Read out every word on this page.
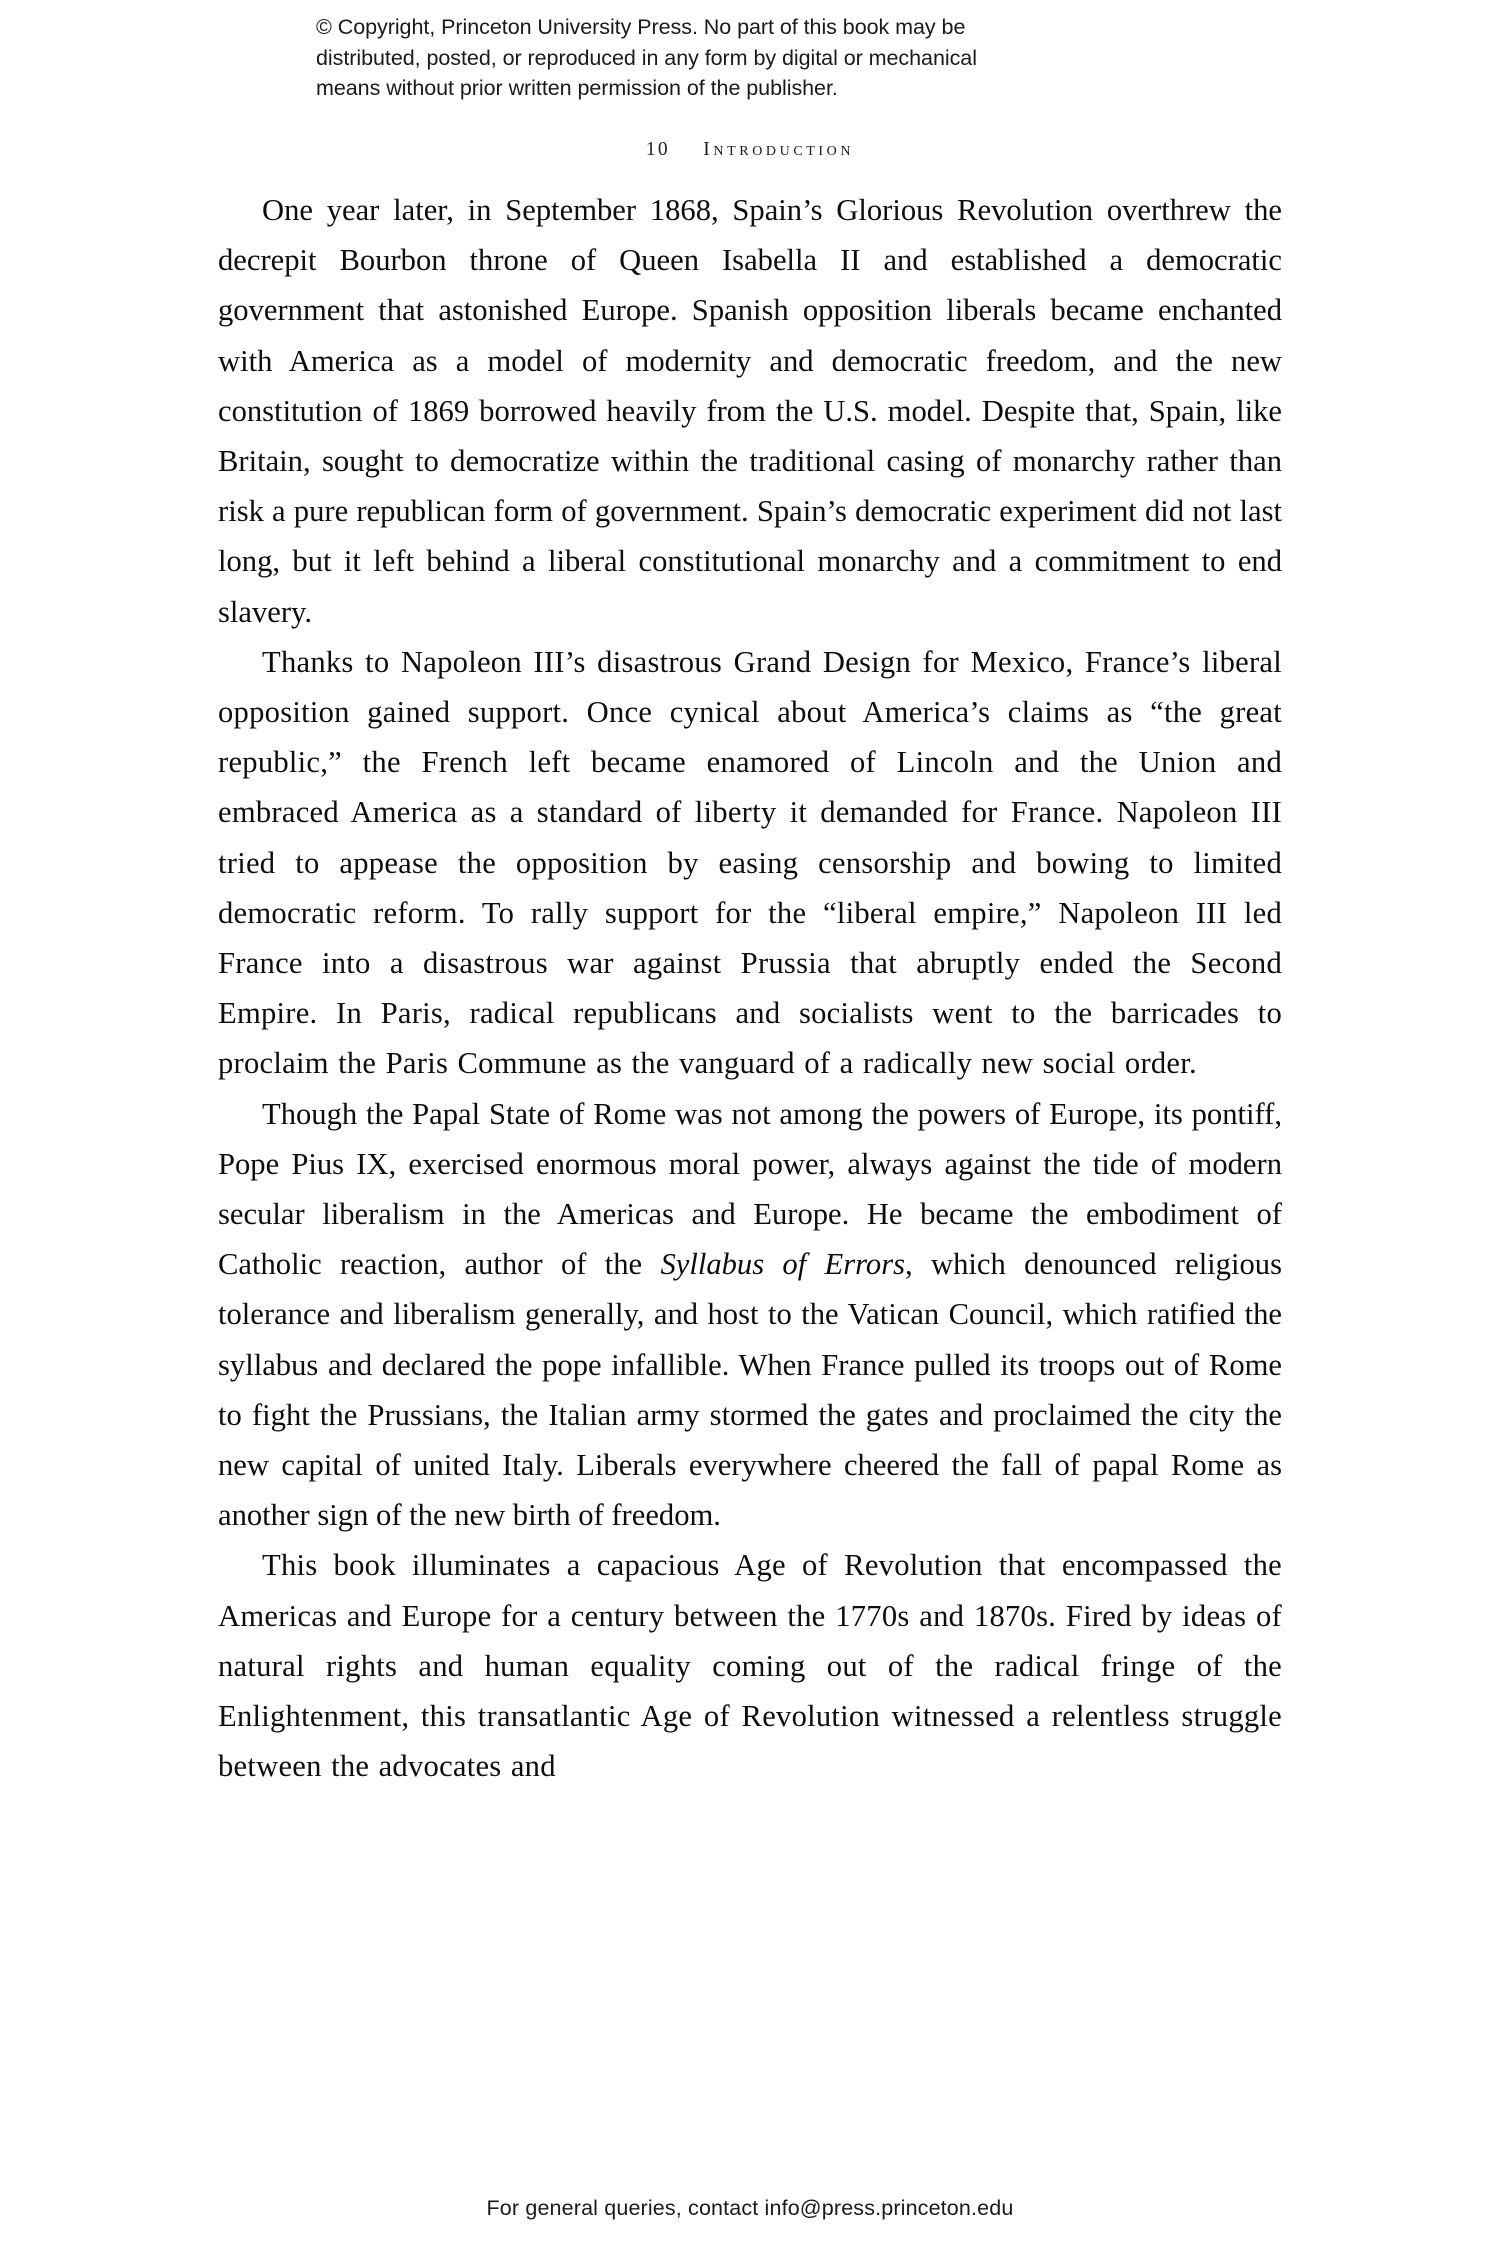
© Copyright, Princeton University Press. No part of this book may be
distributed, posted, or reproduced in any form by digital or mechanical
means without prior written permission of the publisher.
10 Introduction

One year later, in September 1868, Spain’s Glorious Revolution overthrew the decrepit Bourbon throne of Queen Isabella II and established a democratic government that astonished Europe. Spanish opposition liberals became enchanted with America as a model of modernity and democratic freedom, and the new constitution of 1869 borrowed heavily from the U.S. model. Despite that, Spain, like Britain, sought to democratize within the traditional casing of monarchy rather than risk a pure republican form of government. Spain’s democratic experiment did not last long, but it left behind a liberal constitutional monarchy and a commitment to end slavery.

Thanks to Napoleon III’s disastrous Grand Design for Mexico, France’s liberal opposition gained support. Once cynical about America’s claims as “the great republic,” the French left became enamored of Lincoln and the Union and embraced America as a standard of liberty it demanded for France. Napoleon III tried to appease the opposition by easing censorship and bowing to limited democratic reform. To rally support for the “liberal empire,” Napoleon III led France into a disastrous war against Prussia that abruptly ended the Second Empire. In Paris, radical republicans and socialists went to the barricades to proclaim the Paris Commune as the vanguard of a radically new social order.

Though the Papal State of Rome was not among the powers of Europe, its pontiff, Pope Pius IX, exercised enormous moral power, always against the tide of modern secular liberalism in the Americas and Europe. He became the embodiment of Catholic reaction, author of the Syllabus of Errors, which denounced religious tolerance and liberalism generally, and host to the Vatican Council, which ratified the syllabus and declared the pope infallible. When France pulled its troops out of Rome to fight the Prussians, the Italian army stormed the gates and proclaimed the city the new capital of united Italy. Liberals everywhere cheered the fall of papal Rome as another sign of the new birth of freedom.

This book illuminates a capacious Age of Revolution that encompassed the Americas and Europe for a century between the 1770s and 1870s. Fired by ideas of natural rights and human equality coming out of the radical fringe of the Enlightenment, this transatlantic Age of Revolution witnessed a relentless struggle between the advocates and

For general queries, contact info@press.princeton.edu
